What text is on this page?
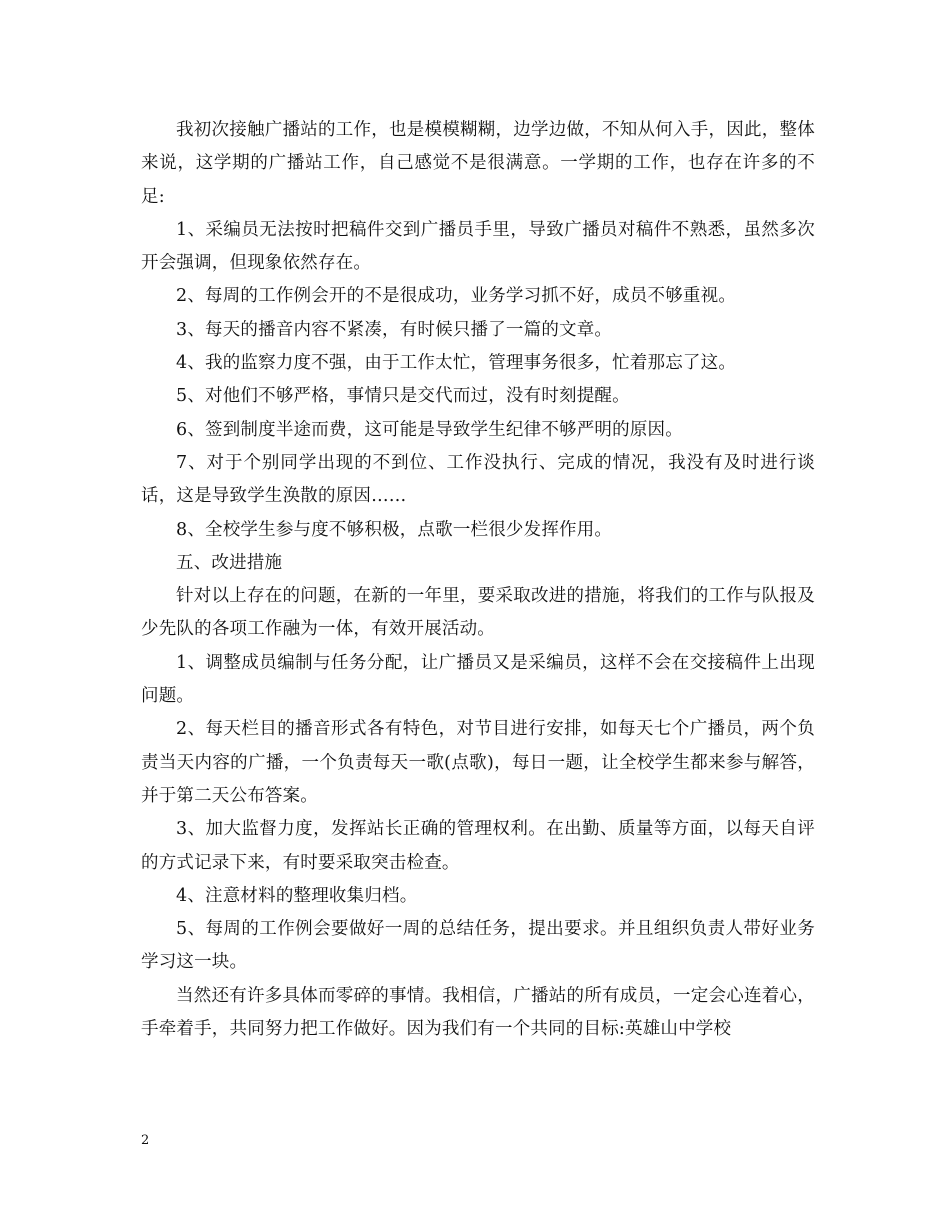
我初次接触广播站的工作，也是模模糊糊，边学边做，不知从何入手，因此，整体来说，这学期的广播站工作，自己感觉不是很满意。一学期的工作，也存在许多的不足:

1、采编员无法按时把稿件交到广播员手里，导致广播员对稿件不熟悉，虽然多次开会强调，但现象依然存在。

2、每周的工作例会开的不是很成功，业务学习抓不好，成员不够重视。

3、每天的播音内容不紧凑，有时候只播了一篇的文章。

4、我的监察力度不强，由于工作太忙，管理事务很多，忙着那忘了这。

5、对他们不够严格，事情只是交代而过，没有时刻提醒。

6、签到制度半途而费，这可能是导致学生纪律不够严明的原因。

7、对于个别同学出现的不到位、工作没执行、完成的情况，我没有及时进行谈话，这是导致学生涣散的原因……

8、全校学生参与度不够积极，点歌一栏很少发挥作用。

五、改进措施

针对以上存在的问题，在新的一年里，要采取改进的措施，将我们的工作与队报及少先队的各项工作融为一体，有效开展活动。

1、调整成员编制与任务分配，让广播员又是采编员，这样不会在交接稿件上出现问题。

2、每天栏目的播音形式各有特色，对节目进行安排，如每天七个广播员，两个负责当天内容的广播，一个负责每天一歌(点歌)，每日一题，让全校学生都来参与解答，并于第二天公布答案。

3、加大监督力度，发挥站长正确的管理权利。在出勤、质量等方面，以每天自评的方式记录下来，有时要采取突击检查。

4、注意材料的整理收集归档。

5、每周的工作例会要做好一周的总结任务，提出要求。并且组织负责人带好业务学习这一块。

当然还有许多具体而零碎的事情。我相信，广播站的所有成员，一定会心连着心，手牵着手，共同努力把工作做好。因为我们有一个共同的目标:英雄山中学校

2
